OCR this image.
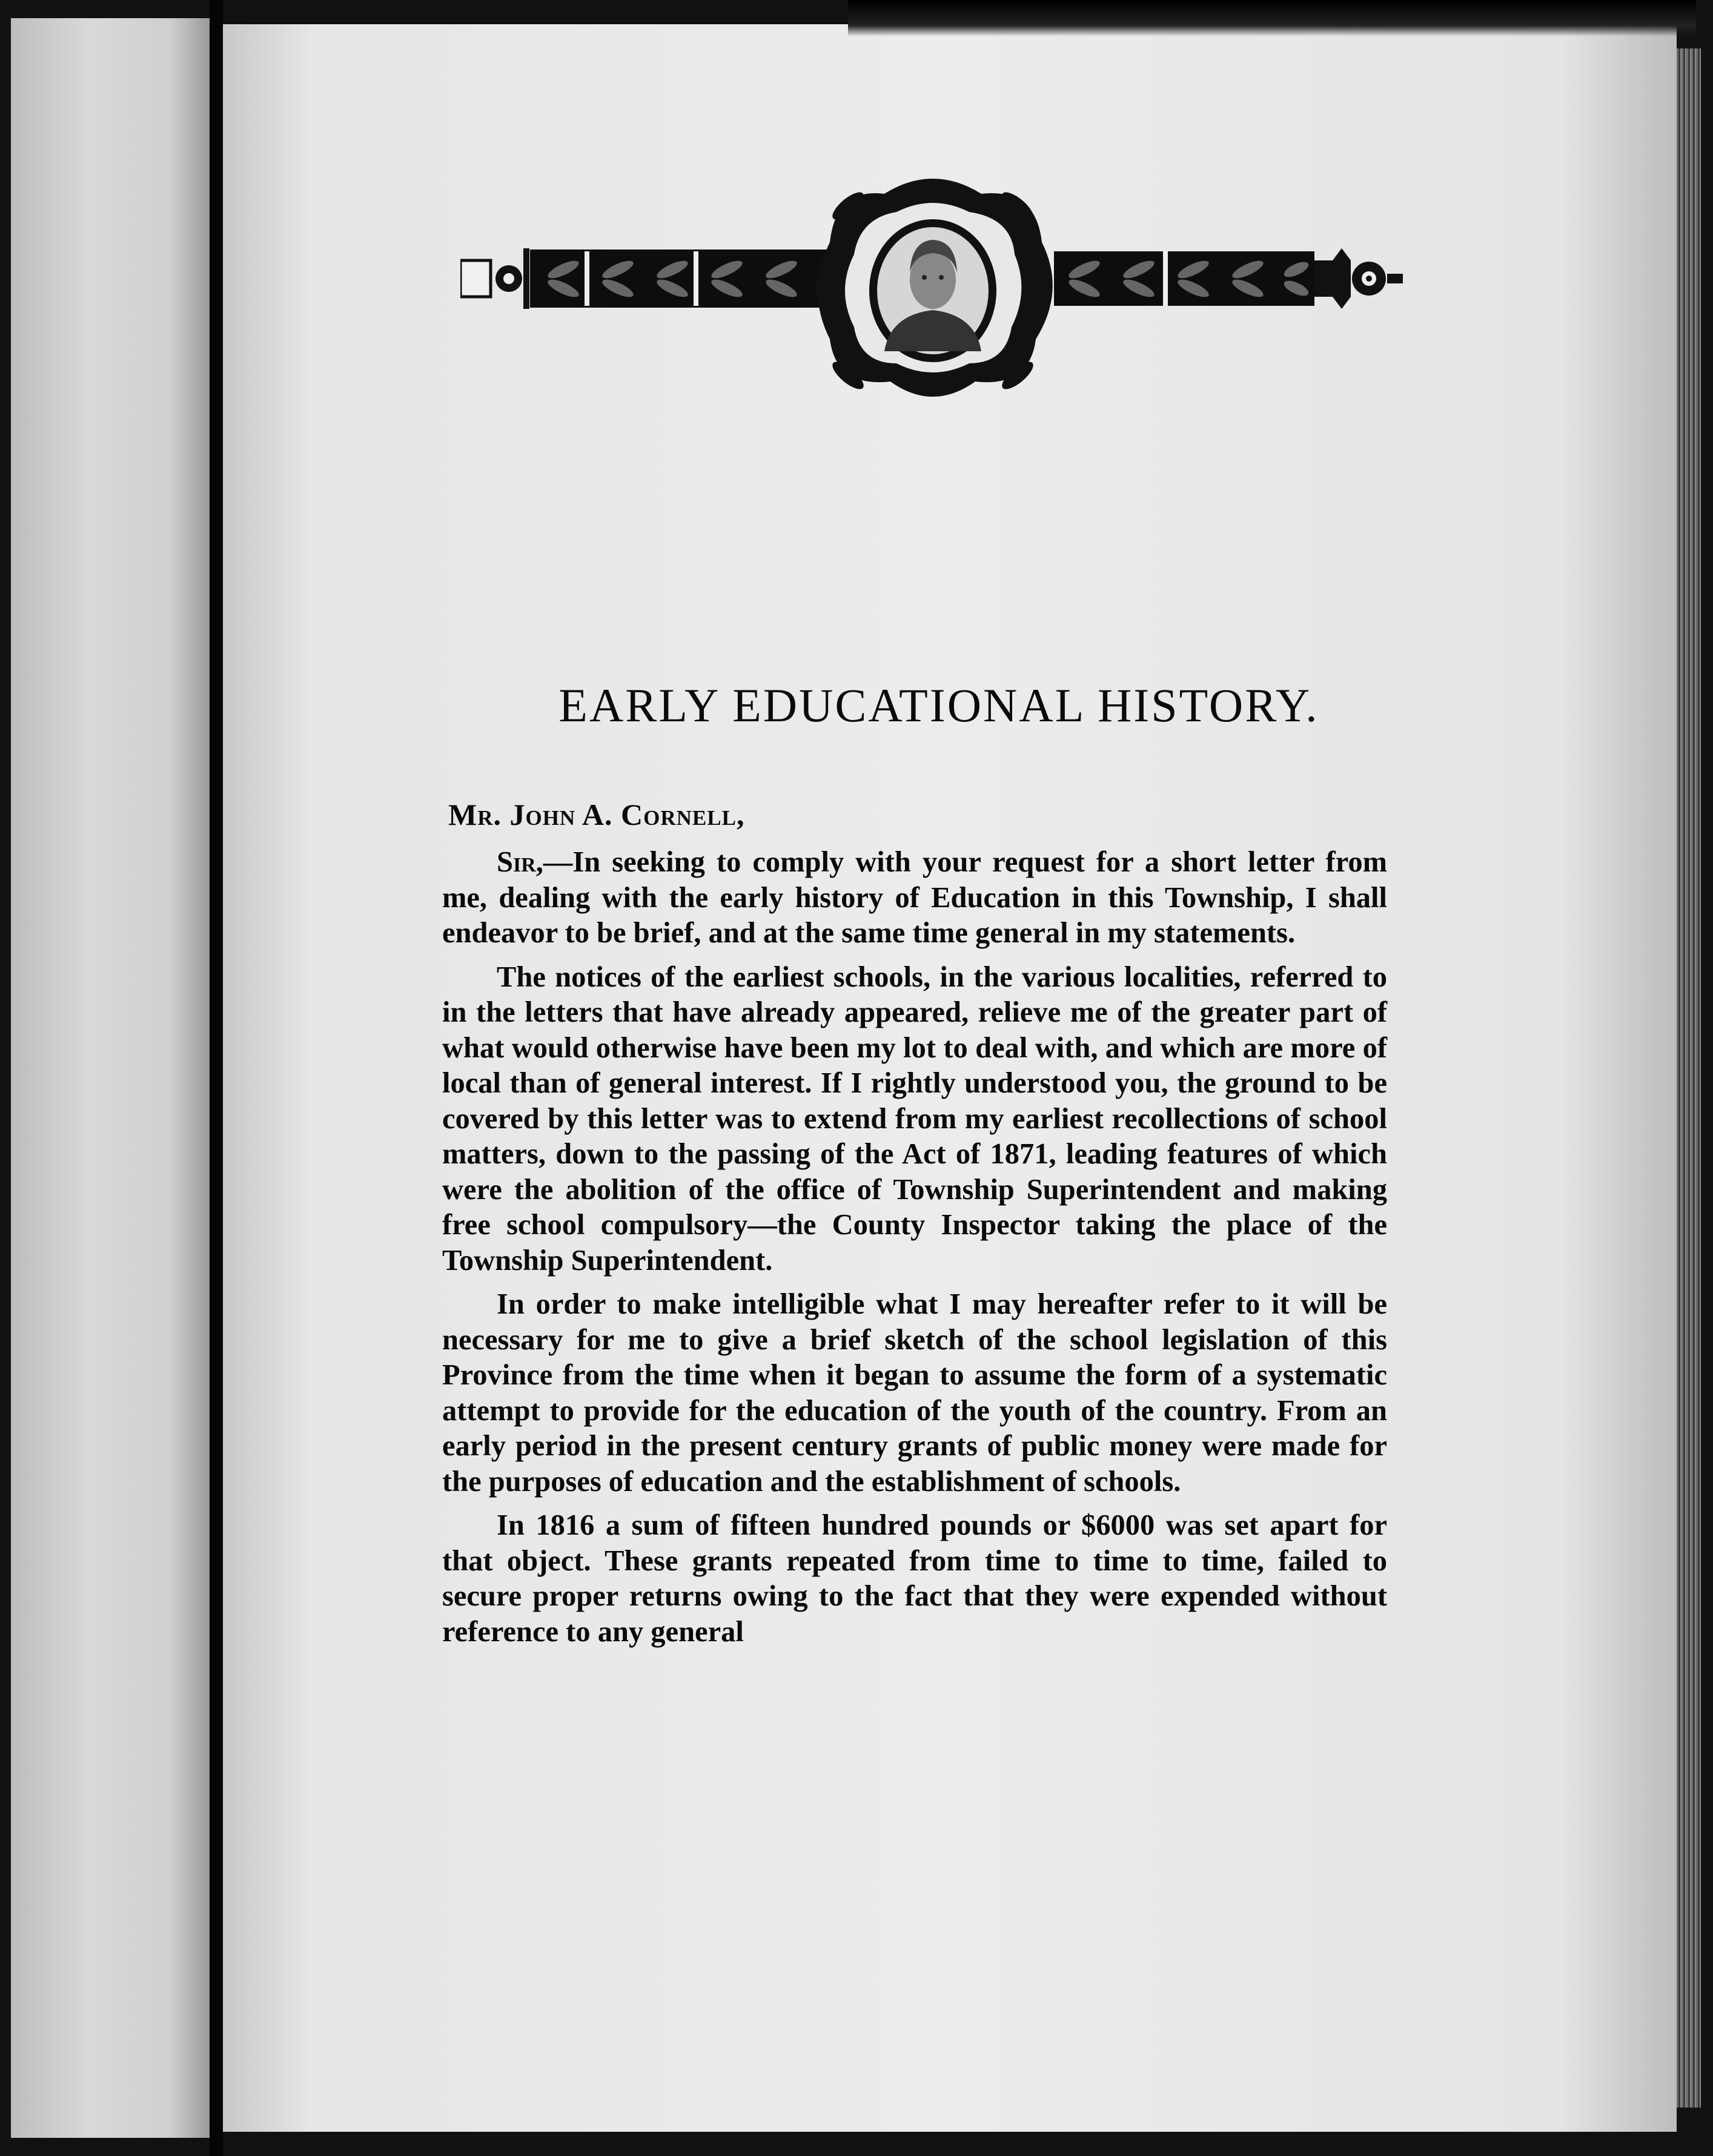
EARLY EDUCATIONAL HISTORY.
Mr. John A. Cornell,

Sir,—In seeking to comply with your request for a short letter from me, dealing with the early history of Education in this Township, I shall endeavor to be brief, and at the same time general in my statements.

The notices of the earliest schools, in the various localities, referred to in the letters that have already appeared, relieve me of the greater part of what would otherwise have been my lot to deal with, and which are more of local than of general interest. If I rightly understood you, the ground to be covered by this letter was to extend from my earliest recollections of school matters, down to the passing of the Act of 1871, leading features of which were the abolition of the office of Township Superintendent and making free school compulsory—the County Inspector taking the place of the Township Superintendent.

In order to make intelligible what I may hereafter refer to it will be necessary for me to give a brief sketch of the school legislation of this Province from the time when it began to assume the form of a systematic attempt to provide for the education of the youth of the country. From an early period in the present century grants of public money were made for the purposes of education and the establishment of schools.

In 1816 a sum of fifteen hundred pounds or $6000 was set apart for that object. These grants repeated from time to time to time, failed to secure proper returns owing to the fact that they were expended without reference to any general
